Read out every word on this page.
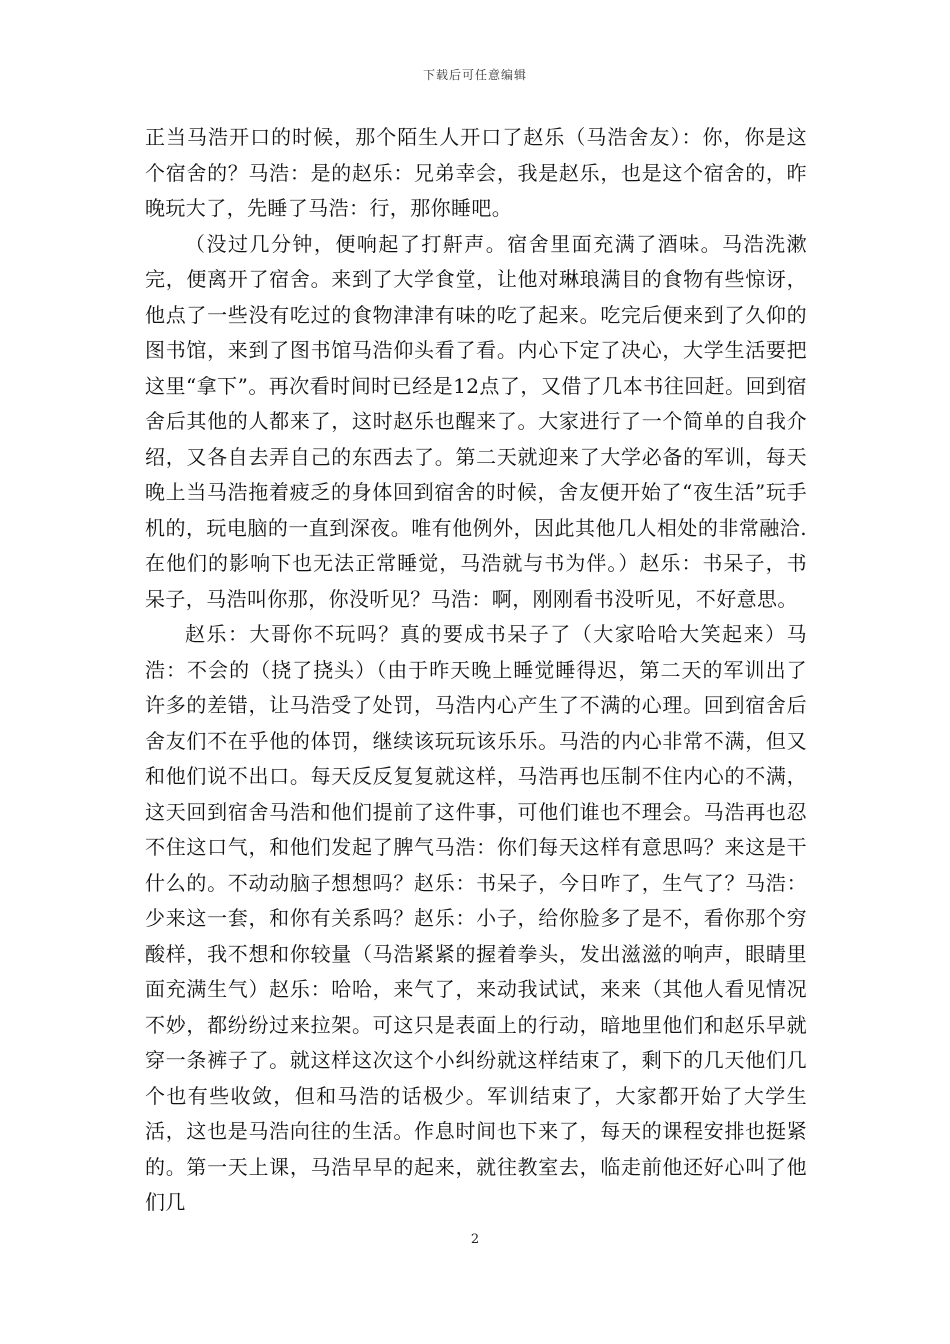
下载后可任意编辑

正当马浩开口的时候，那个陌生人开口了赵乐（马浩舍友）：你，你是这个宿舍的？马浩：是的赵乐：兄弟幸会，我是赵乐，也是这个宿舍的，昨晚玩大了，先睡了马浩：行，那你睡吧。

（没过几分钟，便响起了打鼾声。宿舍里面充满了酒味。马浩洗漱完，便离开了宿舍。来到了大学食堂，让他对琳琅满目的食物有些惊讶，他点了一些没有吃过的食物津津有味的吃了起来。吃完后便来到了久仰的图书馆，来到了图书馆马浩仰头看了看。内心下定了决心，大学生活要把这里“拿下”。再次看时间时已经是12点了，又借了几本书往回赶。回到宿舍后其他的人都来了，这时赵乐也醒来了。大家进行了一个简单的自我介绍，又各自去弄自己的东西去了。第二天就迎来了大学必备的军训，每天晚上当马浩拖着疲乏的身体回到宿舍的时候，舍友便开始了“夜生活”玩手机的，玩电脑的一直到深夜。唯有他例外，因此其他几人相处的非常融洽.在他们的影响下也无法正常睡觉，马浩就与书为伴。）赵乐：书呆子，书呆子，马浩叫你那，你没听见？马浩：啊，刚刚看书没听见，不好意思。

赵乐：大哥你不玩吗？真的要成书呆子了（大家哈哈大笑起来）马浩：不会的（挠了挠头）（由于昨天晚上睡觉睡得迟，第二天的军训出了许多的差错，让马浩受了处罚，马浩内心产生了不满的心理。回到宿舍后舍友们不在乎他的体罚，继续该玩玩该乐乐。马浩的内心非常不满，但又和他们说不出口。每天反反复复就这样，马浩再也压制不住内心的不满，这天回到宿舍马浩和他们提前了这件事，可他们谁也不理会。马浩再也忍不住这口气，和他们发起了脾气马浩：你们每天这样有意思吗？来这是干什么的。不动动脑子想想吗？赵乐：书呆子，今日咋了，生气了？马浩：少来这一套，和你有关系吗？赵乐：小子，给你脸多了是不，看你那个穷酸样，我不想和你较量（马浩紧紧的握着拳头，发出滋滋的响声，眼睛里面充满生气）赵乐：哈哈，来气了，来动我试试，来来（其他人看见情况不妙，都纷纷过来拉架。可这只是表面上的行动，暗地里他们和赵乐早就穿一条裤子了。就这样这次这个小纠纷就这样结束了，剩下的几天他们几个也有些收敛，但和马浩的话极少。军训结束了，大家都开始了大学生活，这也是马浩向往的生活。作息时间也下来了，每天的课程安排也挺紧的。第一天上课，马浩早早的起来，就往教室去，临走前他还好心叫了他们几

2
